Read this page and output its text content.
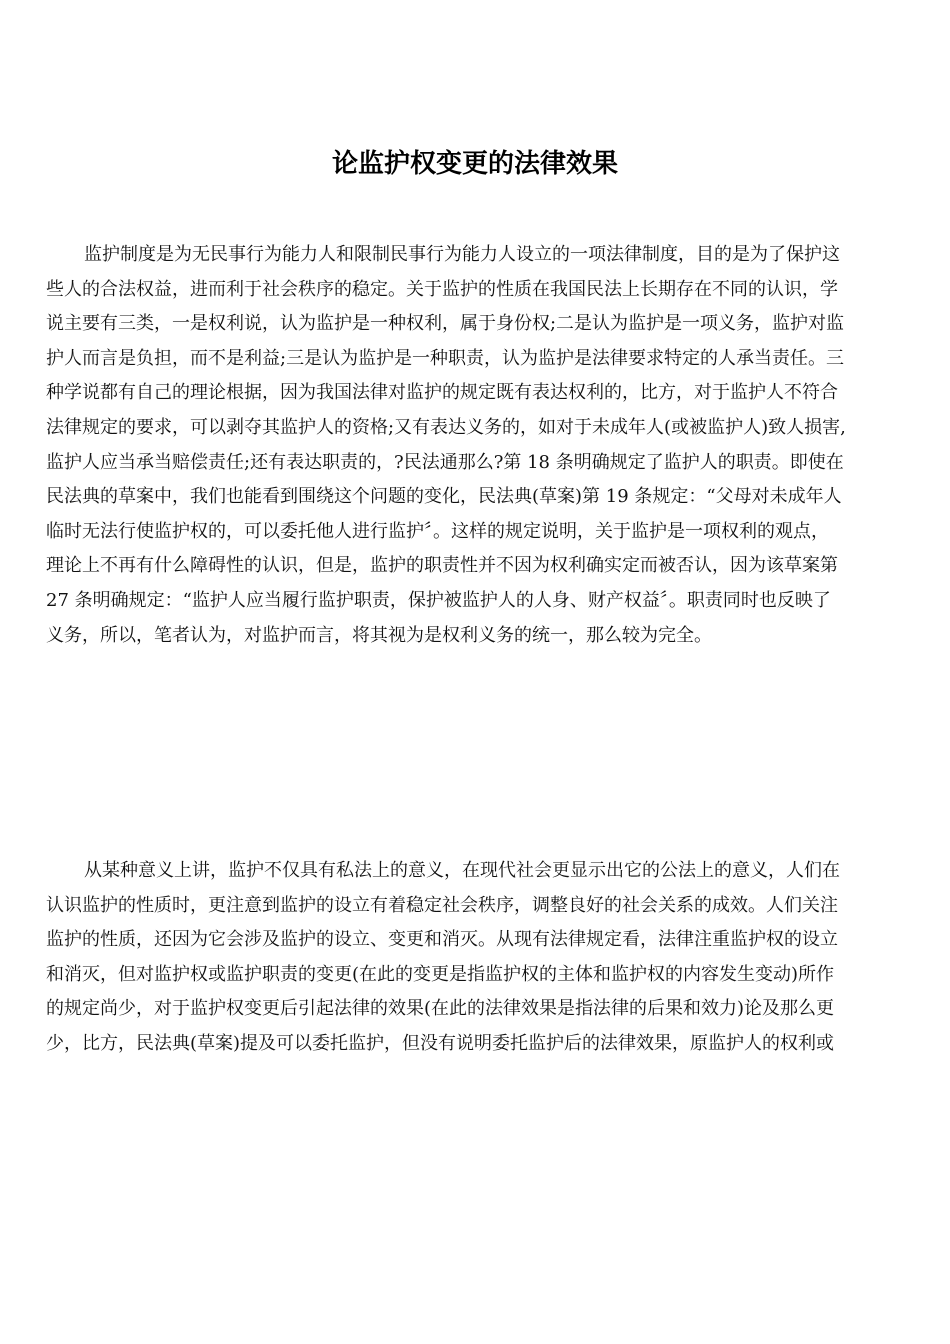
论监护权变更的法律效果
监护制度是为无民事行为能力人和限制民事行为能力人设立的一项法律制度，目的是为了保护这
些人的合法权益，进而利于社会秩序的稳定。关于监护的性质在我国民法上长期存在不同的认识，学
说主要有三类，一是权利说，认为监护是一种权利，属于身份权;二是认为监护是一项义务，监护对监
护人而言是负担，而不是利益;三是认为监护是一种职责，认为监护是法律要求特定的人承当责任。三
种学说都有自己的理论根据，因为我国法律对监护的规定既有表达权利的，比方，对于监护人不符合
法律规定的要求，可以剥夺其监护人的资格;又有表达义务的，如对于未成年人(或被监护人)致人损害,
监护人应当承当赔偿责任;还有表达职责的，?民法通那么?第 18 条明确规定了监护人的职责。即使在
民法典的草案中，我们也能看到围绕这个问题的变化，民法典(草案)第 19 条规定：“父母对未成年人
临时无法行使监护权的，可以委托他人进行监护〞。这样的规定说明，关于监护是一项权利的观点，
理论上不再有什么障碍性的认识，但是，监护的职责性并不因为权利确实定而被否认，因为该草案第
27 条明确规定：“监护人应当履行监护职责，保护被监护人的人身、财产权益〞。职责同时也反映了
义务，所以，笔者认为，对监护而言，将其视为是权利义务的统一，那么较为完全。
从某种意义上讲，监护不仅具有私法上的意义，在现代社会更显示出它的公法上的意义，人们在
认识监护的性质时，更注意到监护的设立有着稳定社会秩序，调整良好的社会关系的成效。人们关注
监护的性质，还因为它会涉及监护的设立、变更和消灭。从现有法律规定看，法律注重监护权的设立
和消灭，但对监护权或监护职责的变更(在此的变更是指监护权的主体和监护权的内容发生变动)所作
的规定尚少，对于监护权变更后引起法律的效果(在此的法律效果是指法律的后果和效力)论及那么更
少，比方，民法典(草案)提及可以委托监护，但没有说明委托监护后的法律效果，原监护人的权利或
